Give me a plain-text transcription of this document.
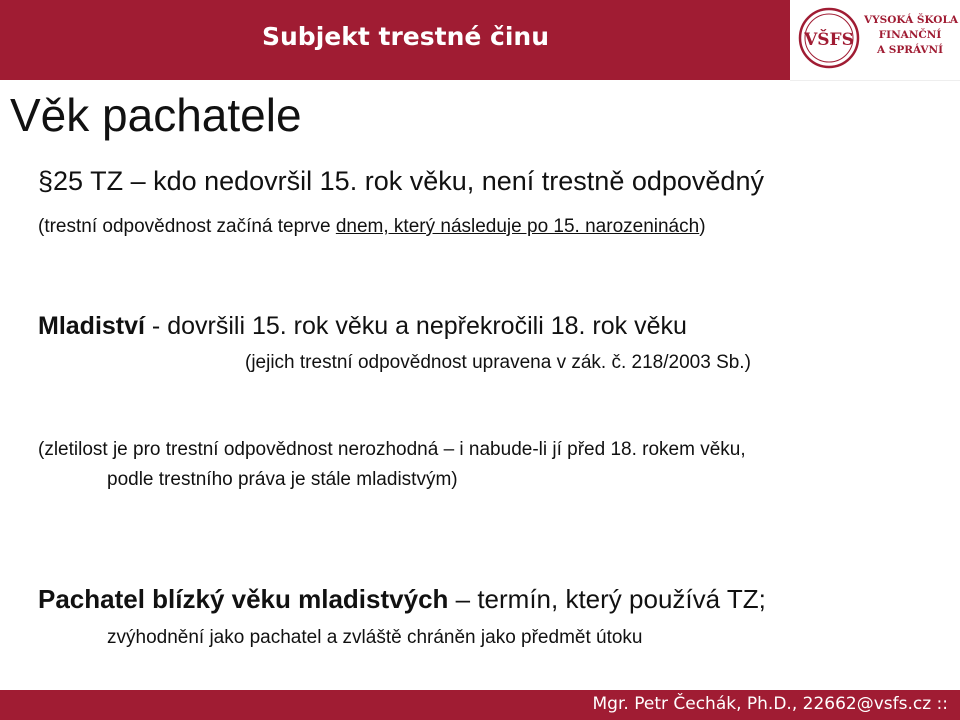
Subjekt trestné činu	VŠFS
VYSOKÁ ŠKOLA
FINANČNÍ
A SPRÁVNÍ
Věk pachatele
§25 TZ – kdo nedovršil 15. rok věku, není trestně odpovědný
(trestní odpovědnost začíná teprve dnem, který následuje po 15. narozeninách)
Mladiství - dovršili 15. rok věku a nepřekročili 18. rok věku
(jejich trestní odpovědnost upravena v zák. č. 218/2003 Sb.)
(zletilost je pro trestní odpovědnost nerozhodná – i nabude-li jí před 18. rokem věku,
podle trestního práva je stále mladistvým)
Pachatel blízký věku mladistvých – termín, který používá TZ;
zvýhodnění jako pachatel a zvláště chráněn jako předmět útoku
Mgr. Petr Čechák, Ph.D., 22662@vsfs.cz ::
